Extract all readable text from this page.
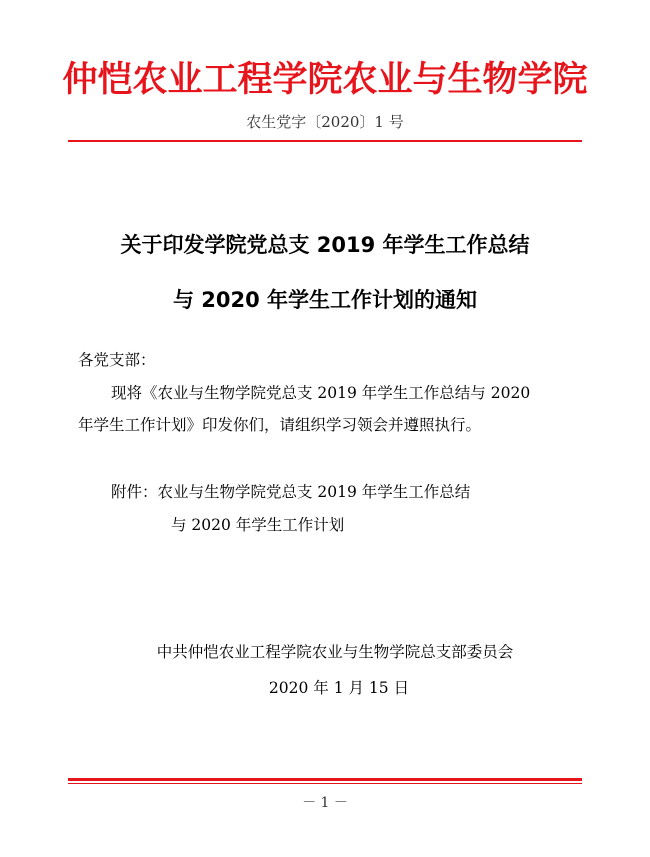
仲恺农业工程学院农业与生物学院
农生党字〔2020〕1 号
关于印发学院党总支 2019 年学生工作总结
与 2020 年学生工作计划的通知
各党支部：
现将《农业与生物学院党总支 2019 年学生工作总结与 2020
年学生工作计划》印发你们，请组织学习领会并遵照执行。
附件：农业与生物学院党总支 2019 年学生工作总结
与 2020 年学生工作计划
中共仲恺农业工程学院农业与生物学院总支部委员会
2020 年 1 月 15 日
－ 1 －
